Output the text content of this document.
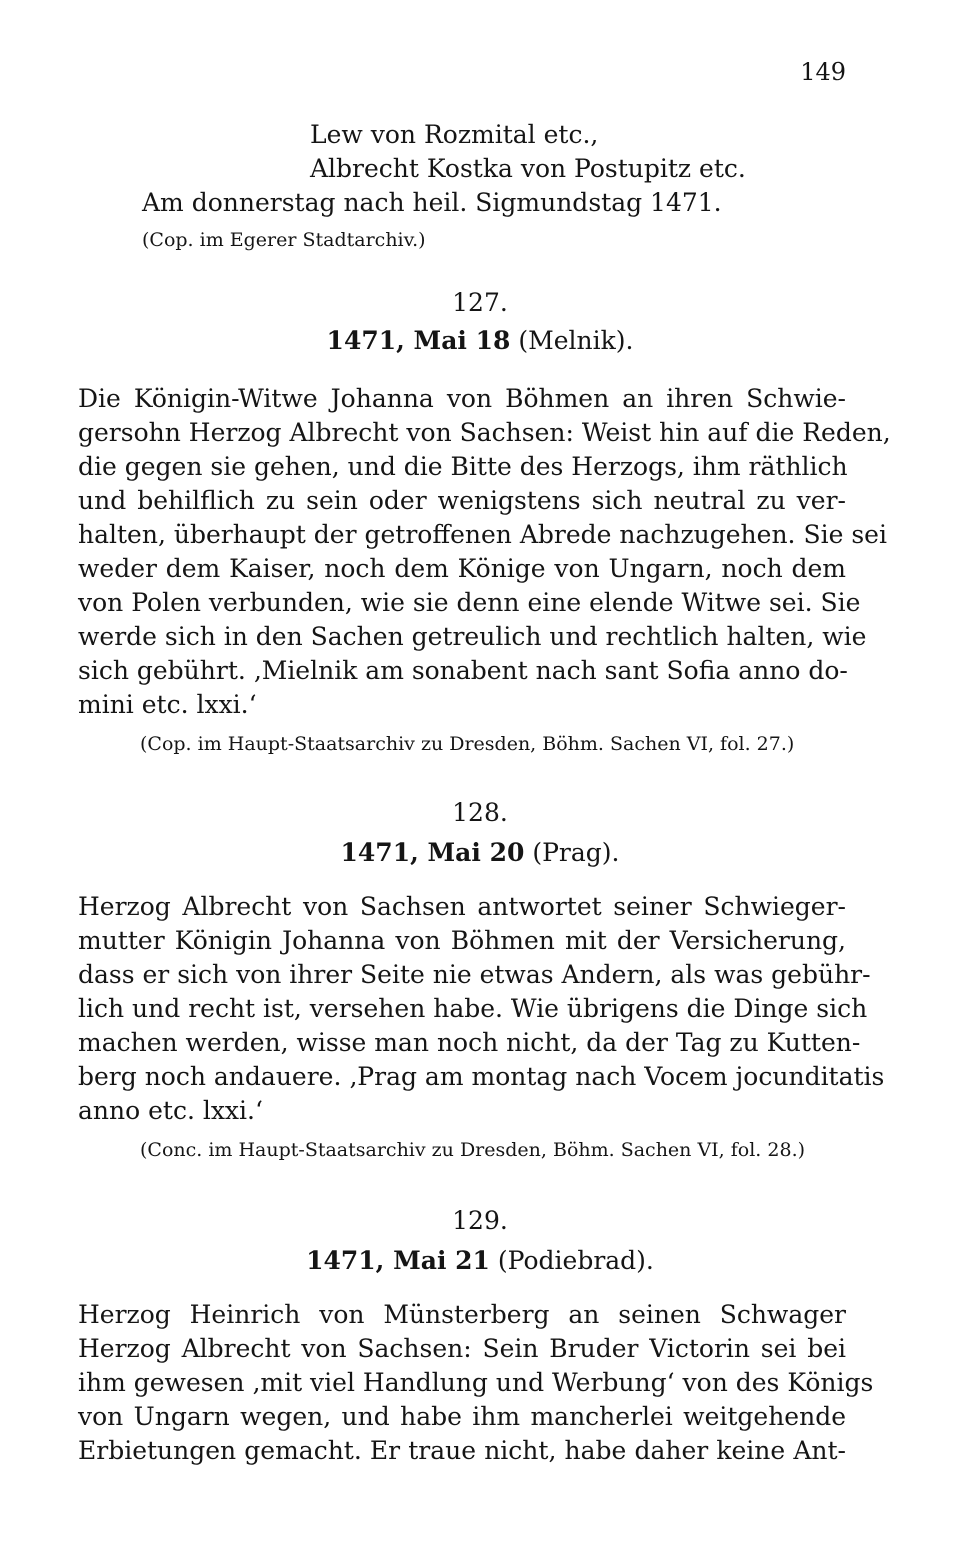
149
Lew von Rozmital etc.,
Albrecht Kostka von Postupitz etc.
Am donnerstag nach heil. Sigmundstag 1471.
(Cop. im Egerer Stadtarchiv.)
127.
1471, Mai 18 (Melnik).
Die Königin-Witwe Johanna von Böhmen an ihren Schwie-
gersohn Herzog Albrecht von Sachsen: Weist hin auf die Reden,
die gegen sie gehen, und die Bitte des Herzogs, ihm räthlich
und behilflich zu sein oder wenigstens sich neutral zu ver-
halten, überhaupt der getroffenen Abrede nachzugehen. Sie sei
weder dem Kaiser, noch dem Könige von Ungarn, noch dem
von Polen verbunden, wie sie denn eine elende Witwe sei. Sie
werde sich in den Sachen getreulich und rechtlich halten, wie
sich gebührt. ‚Mielnik am sonabent nach sant Sofia anno do-
mini etc. lxxi.‘
(Cop. im Haupt-Staatsarchiv zu Dresden, Böhm. Sachen VI, fol. 27.)
128.
1471, Mai 20 (Prag).
Herzog Albrecht von Sachsen antwortet seiner Schwieger-
mutter Königin Johanna von Böhmen mit der Versicherung,
dass er sich von ihrer Seite nie etwas Andern, als was gebühr-
lich und recht ist, versehen habe. Wie übrigens die Dinge sich
machen werden, wisse man noch nicht, da der Tag zu Kutten-
berg noch andauere. ‚Prag am montag nach Vocem jocunditatis
anno etc. lxxi.‘
(Conc. im Haupt-Staatsarchiv zu Dresden, Böhm. Sachen VI, fol. 28.)
129.
1471, Mai 21 (Podiebrad).
Herzog Heinrich von Münsterberg an seinen Schwager
Herzog Albrecht von Sachsen: Sein Bruder Victorin sei bei
ihm gewesen ‚mit viel Handlung und Werbung‘ von des Königs
von Ungarn wegen, und habe ihm mancherlei weitgehende
Erbietungen gemacht. Er traue nicht, habe daher keine Ant-
